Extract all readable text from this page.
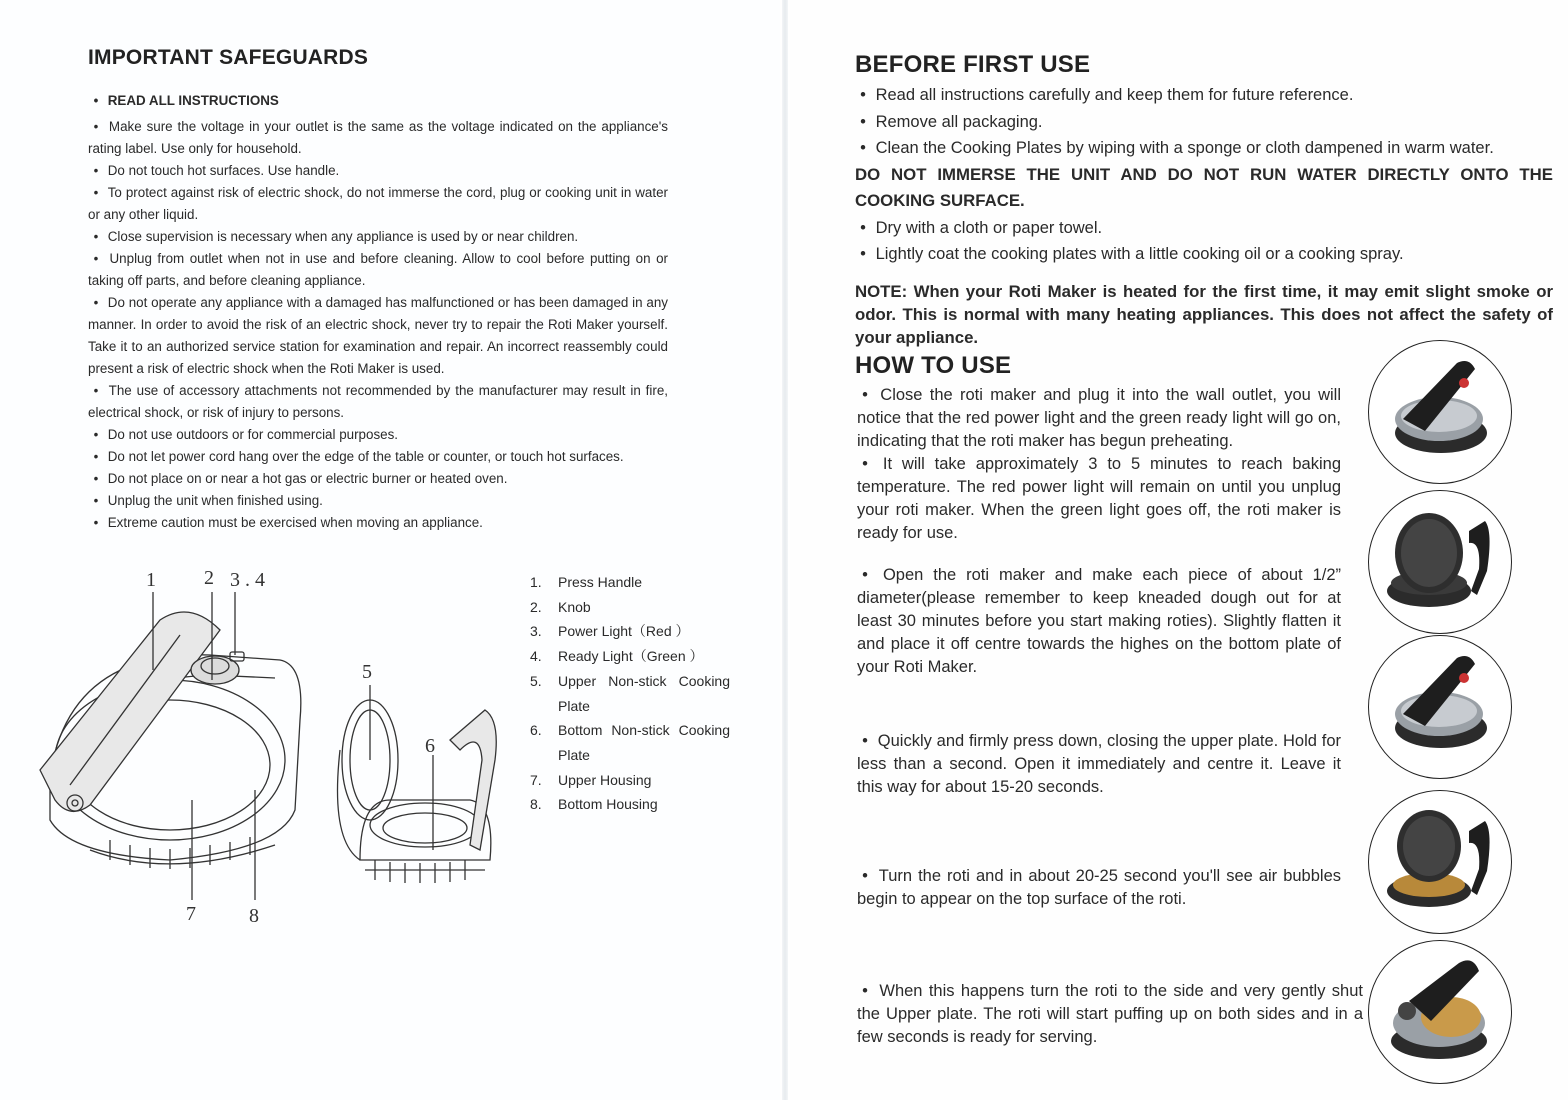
IMPORTANT SAFEGUARDS

• READ ALL INSTRUCTIONS

• Make sure the voltage in your outlet is the same as the voltage indicated on the appliance's rating label. Use only for household.

• Do not touch hot surfaces. Use handle.

• To protect against risk of electric shock, do not immerse the cord, plug or cooking unit in water or any other liquid.

• Close supervision is necessary when any appliance is used by or near children.

• Unplug from outlet when not in use and before cleaning. Allow to cool before putting on or taking off parts, and before cleaning appliance.

• Do not operate any appliance with a damaged has malfunctioned or has been damaged in any manner. In order to avoid the risk of an electric shock, never try to repair the Roti Maker yourself. Take it to an authorized service station for examination and repair. An incorrect reassembly could present a risk of electric shock when the Roti Maker is used.

• The use of accessory attachments not recommended by the manufacturer may result in fire, electrical shock, or risk of injury to persons.

• Do not use outdoors or for commercial purposes.

• Do not let power cord hang over the edge of the table or counter, or touch hot surfaces.

• Do not place on or near a hot gas or electric burner or heated oven.

• Unplug the unit when finished using.

• Extreme caution must be exercised when moving an appliance.

1 2 3 . 4
5
6
7	8
1.	Press Handle
2.	Knob
3.	Power Light（Red ）
4.	Ready Light（Green ）
5.	Upper Non-stick Cooking Plate
6.	Bottom Non-stick Cooking Plate
7.	Upper Housing
8.	Bottom Housing
BEFORE FIRST USE

• Read all instructions carefully and keep them for future reference.

• Remove all packaging.

• Clean the Cooking Plates by wiping with a sponge or cloth dampened in warm water.

DO NOT IMMERSE THE UNIT AND DO NOT RUN WATER DIRECTLY ONTO THE COOKING SURFACE.

• Dry with a cloth or paper towel.

• Lightly coat the cooking plates with a little cooking oil or a cooking spray.

NOTE: When your Roti Maker is heated for the first time, it may emit slight smoke or odor. This is normal with many heating appliances. This does not affect the safety of your appliance.

HOW TO USE

• Close the roti maker and plug it into the wall outlet, you will notice that the red power light and the green ready light will go on, indicating that the roti maker has begun preheating.

• It will take approximately 3 to 5 minutes to reach baking temperature. The red power light will remain on until you unplug your roti maker. When the green light goes off, the roti maker is ready for use.

• Open the roti maker and make each piece of about 1/2” diameter(please remember to keep kneaded dough out for at least 30 minutes before you start making roties). Slightly flatten it and place it off centre towards the highes on the bottom plate of your Roti Maker.

• Quickly and firmly press down, closing the upper plate. Hold for less than a second. Open it immediately and centre it. Leave it this way for about 15-20 seconds.

• Turn the roti and in about 20-25 second you'll see air bubbles begin to appear on the top surface of the roti.

• When this happens turn the roti to the side and very gently shut the Upper plate. The roti will start puffing up on both sides and in a few seconds is ready for serving.
